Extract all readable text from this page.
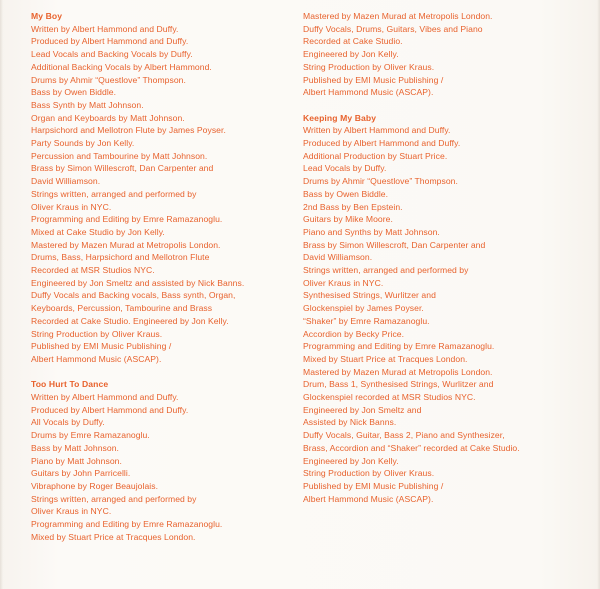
My Boy
Written by Albert Hammond and Duffy.
Produced by Albert Hammond and Duffy.
Lead Vocals and Backing Vocals by Duffy.
Additional Backing Vocals by Albert Hammond.
Drums by Ahmir “Questlove” Thompson.
Bass by Owen Biddle.
Bass Synth by Matt Johnson.
Organ and Keyboards by Matt Johnson.
Harpsichord and Mellotron Flute by James Poyser.
Party Sounds by Jon Kelly.
Percussion and Tambourine by Matt Johnson.
Brass by Simon Willescroft, Dan Carpenter and
David Williamson.
Strings written, arranged and performed by
Oliver Kraus in NYC.
Programming and Editing by Emre Ramazanoglu.
Mixed at Cake Studio by Jon Kelly.
Mastered by Mazen Murad at Metropolis London.
Drums, Bass, Harpsichord and Mellotron Flute
Recorded at MSR Studios NYC.
Engineered by Jon Smeltz and assisted by Nick Banns.
Duffy Vocals and Backing vocals, Bass synth, Organ,
Keyboards, Percussion, Tambourine and Brass
Recorded at Cake Studio. Engineered by Jon Kelly.
String Production by Oliver Kraus.
Published by EMI Music Publishing /
Albert Hammond Music (ASCAP).
Too Hurt To Dance
Written by Albert Hammond and Duffy.
Produced by Albert Hammond and Duffy.
All Vocals by Duffy.
Drums by Emre Ramazanoglu.
Bass by Matt Johnson.
Piano by Matt Johnson.
Guitars by John Parricelli.
Vibraphone by Roger Beaujolais.
Strings written, arranged and performed by
Oliver Kraus in NYC.
Programming and Editing by Emre Ramazanoglu.
Mixed by Stuart Price at Tracques London.
Mastered by Mazen Murad at Metropolis London.
Duffy Vocals, Drums, Guitars, Vibes and Piano
Recorded at Cake Studio.
Engineered by Jon Kelly.
String Production by Oliver Kraus.
Published by EMI Music Publishing /
Albert Hammond Music (ASCAP).
Keeping My Baby
Written by Albert Hammond and Duffy.
Produced by Albert Hammond and Duffy.
Additional Production by Stuart Price.
Lead Vocals by Duffy.
Drums by Ahmir “Questlove” Thompson.
Bass by Owen Biddle.
2nd Bass by Ben Epstein.
Guitars by Mike Moore.
Piano and Synths by Matt Johnson.
Brass by Simon Willescroft, Dan Carpenter and
David Williamson.
Strings written, arranged and performed by
Oliver Kraus in NYC.
Synthesised Strings, Wurlitzer and
Glockenspiel by James Poyser.
“Shaker” by Emre Ramazanoglu.
Accordion by Becky Price.
Programming and Editing by Emre Ramazanoglu.
Mixed by Stuart Price at Tracques London.
Mastered by Mazen Murad at Metropolis London.
Drum, Bass 1, Synthesised Strings, Wurlitzer and
Glockenspiel recorded at MSR Studios NYC.
Engineered by Jon Smeltz and
Assisted by Nick Banns.
Duffy Vocals, Guitar, Bass 2, Piano and Synthesizer,
Brass, Accordion and “Shaker” recorded at Cake Studio.
Engineered by Jon Kelly.
String Production by Oliver Kraus.
Published by EMI Music Publishing /
Albert Hammond Music (ASCAP).
